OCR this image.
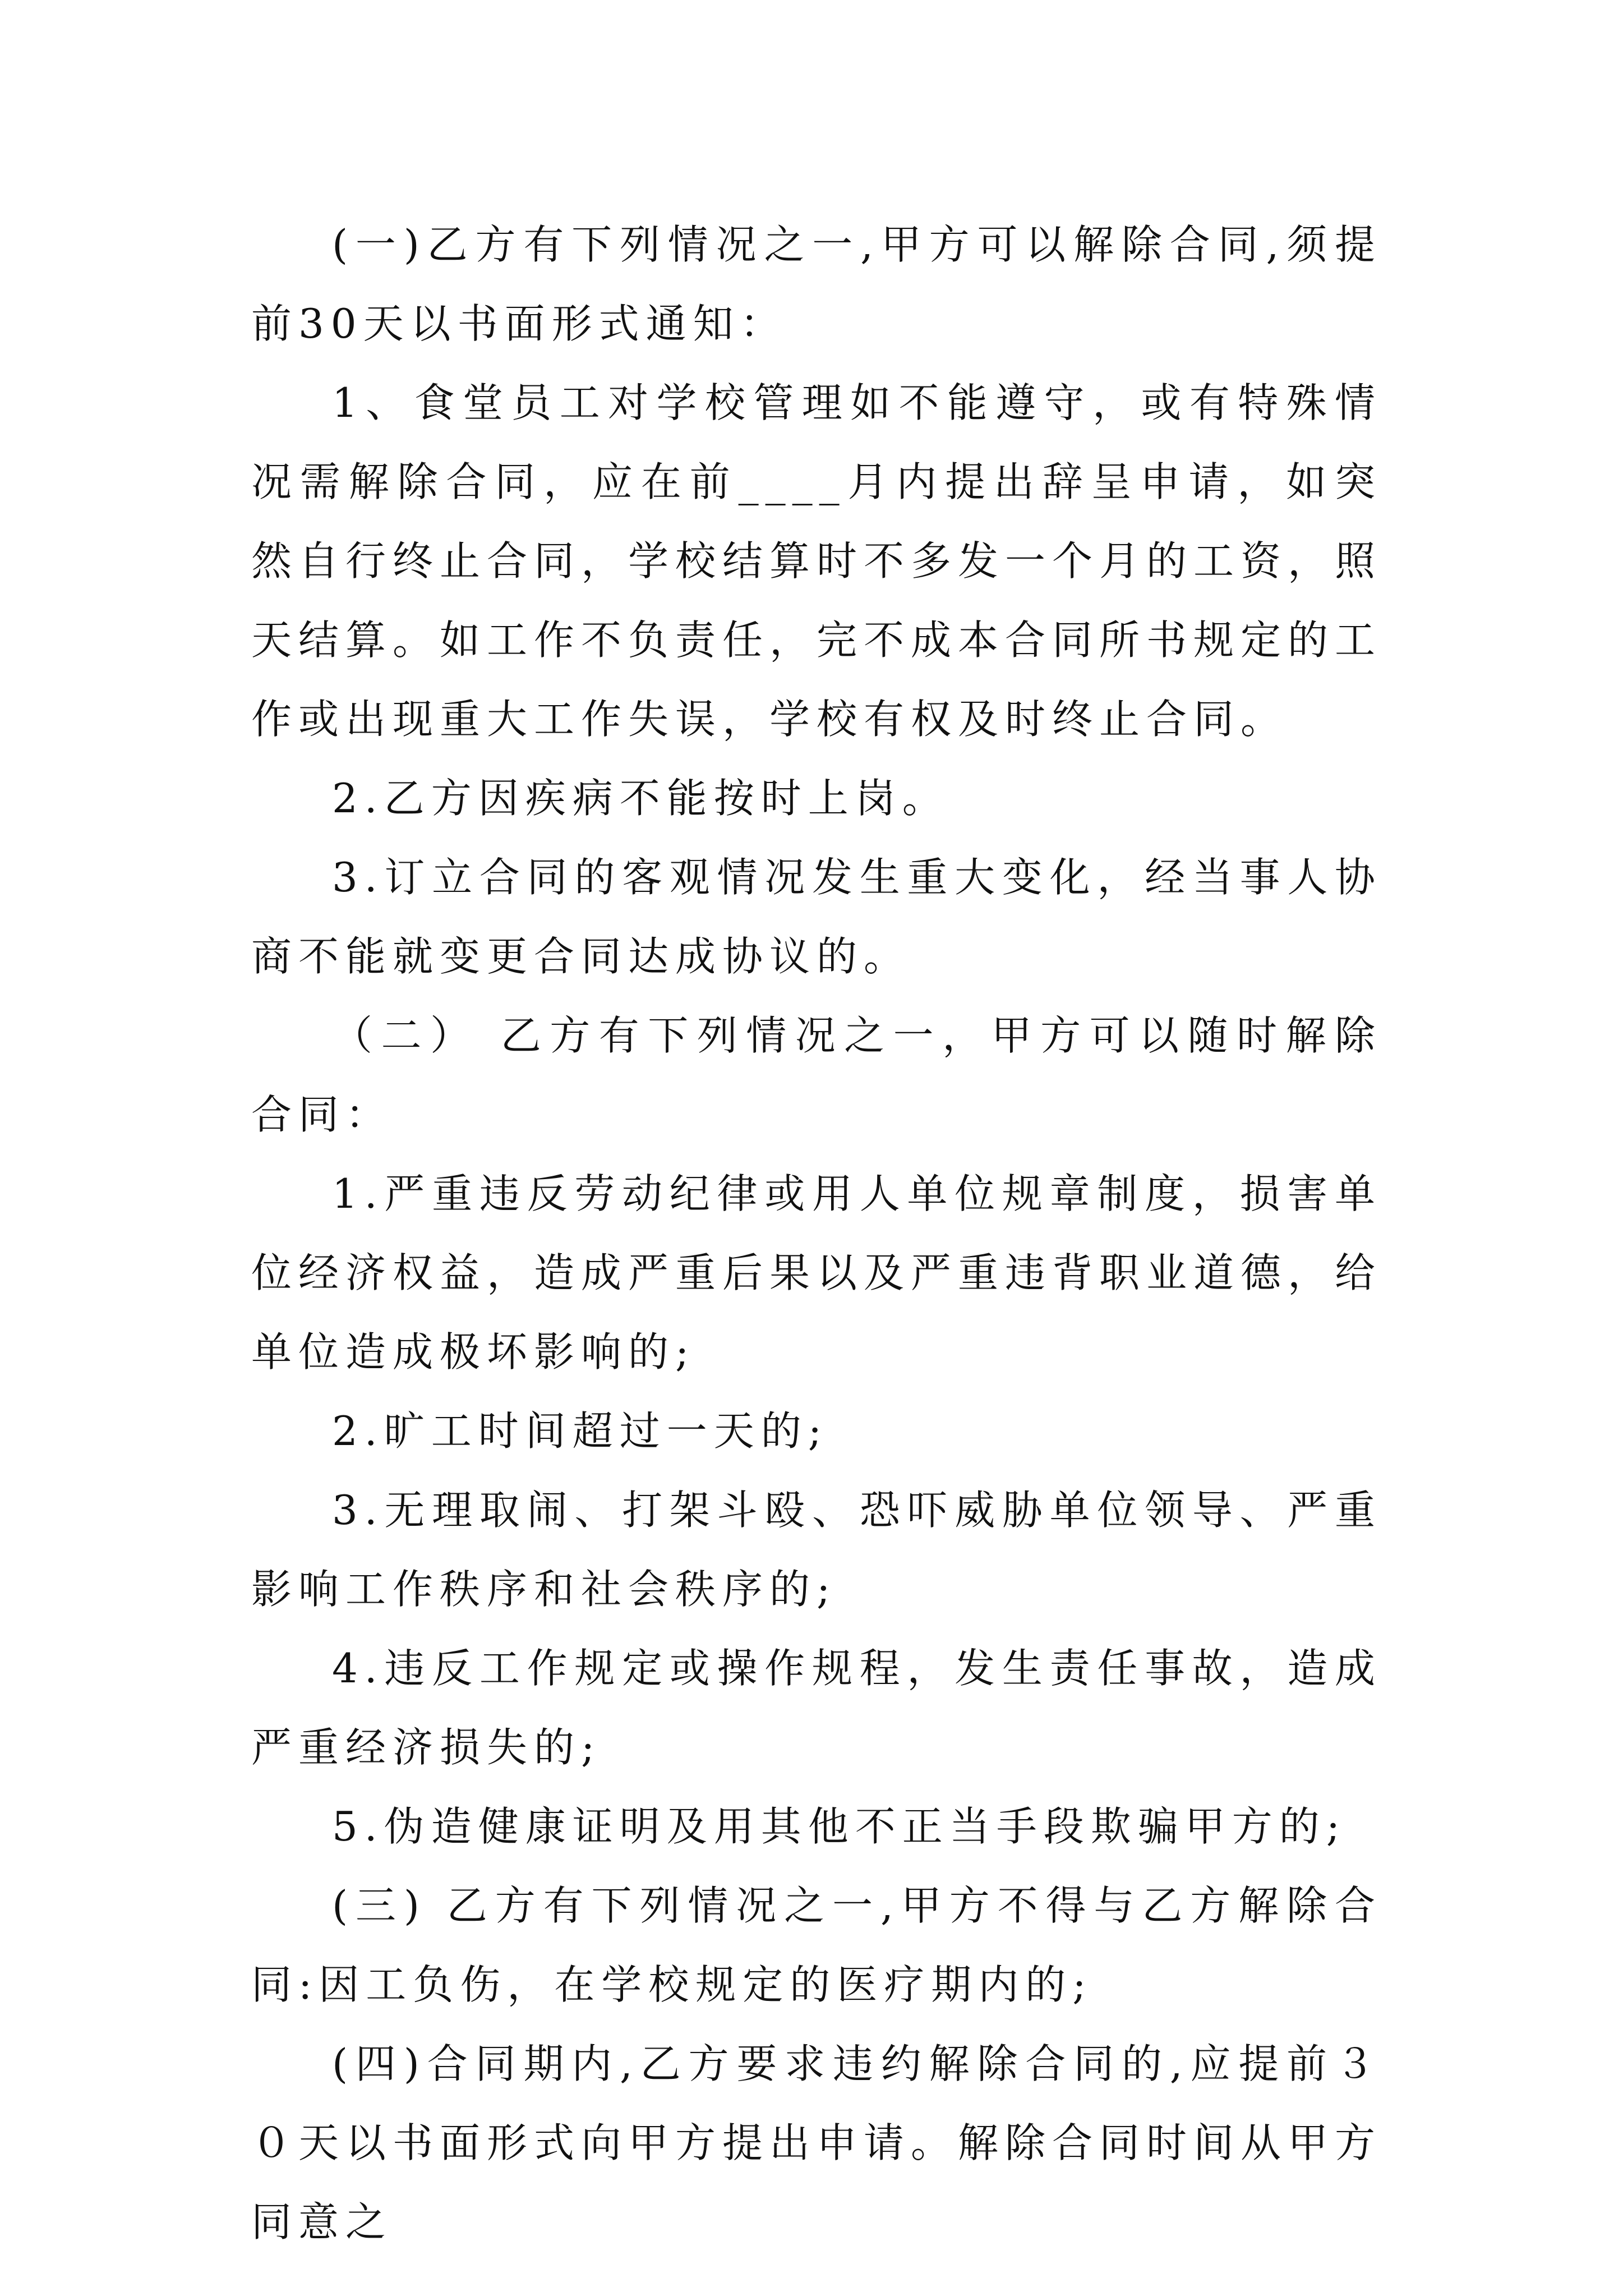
(一)乙方有下列情况之一,甲方可以解除合同,须提前30天以书面形式通知：

1、食堂员工对学校管理如不能遵守，或有特殊情况需解除合同，应在前____月内提出辞呈申请，如突然自行终止合同，学校结算时不多发一个月的工资，照天结算。如工作不负责任，完不成本合同所书规定的工作或出现重大工作失误，学校有权及时终止合同。

2.乙方因疾病不能按时上岗。

3.订立合同的客观情况发生重大变化，经当事人协商不能就变更合同达成协议的。

（二） 乙方有下列情况之一，甲方可以随时解除合同：

1.严重违反劳动纪律或用人单位规章制度，损害单位经济权益，造成严重后果以及严重违背职业道德，给单位造成极坏影响的;

2.旷工时间超过一天的;

3.无理取闹、打架斗殴、恐吓威胁单位领导、严重影响工作秩序和社会秩序的;

4.违反工作规定或操作规程，发生责任事故，造成严重经济损失的;

5.伪造健康证明及用其他不正当手段欺骗甲方的;

(三) 乙方有下列情况之一,甲方不得与乙方解除合同:因工负伤，在学校规定的医疗期内的;

(四)合同期内,乙方要求违约解除合同的,应提前３０天以书面形式向甲方提出申请。解除合同时间从甲方同意之
